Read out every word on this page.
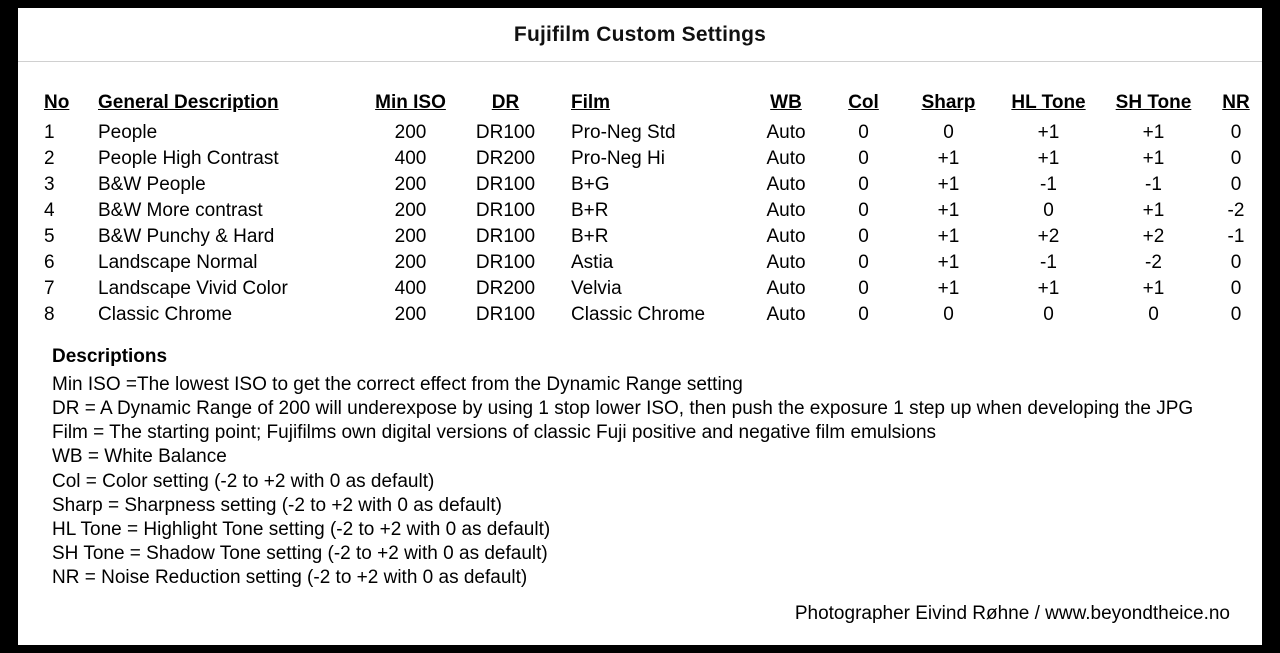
Fujifilm Custom Settings
No	General Description	Min ISO	DR	Film	WB	Col	Sharp	HL Tone	SH Tone	NR
1	People	200	DR100	Pro-Neg Std	Auto	0	0	+1	+1	0
2	People High Contrast	400	DR200	Pro-Neg Hi	Auto	0	+1	+1	+1	0
3	B&W People	200	DR100	B+G	Auto	0	+1	-1	-1	0
4	B&W More contrast	200	DR100	B+R	Auto	0	+1	0	+1	-2
5	B&W Punchy & Hard	200	DR100	B+R	Auto	0	+1	+2	+2	-1
6	Landscape Normal	200	DR100	Astia	Auto	0	+1	-1	-2	0
7	Landscape Vivid Color	400	DR200	Velvia	Auto	0	+1	+1	+1	0
8	Classic Chrome	200	DR100	Classic Chrome	Auto	0	0	0	0	0
Descriptions
Min ISO =The lowest ISO to get the correct effect from the Dynamic Range setting
DR = A Dynamic Range of 200 will underexpose by using 1 stop lower ISO, then push the exposure 1 step up when developing the JPG
Film = The starting point; Fujifilms own digital versions of classic Fuji positive and negative film emulsions
WB = White Balance
Col = Color setting (-2 to +2 with 0 as default)
Sharp = Sharpness setting (-2 to +2 with 0 as default)
HL Tone = Highlight Tone setting (-2 to +2 with 0 as default)
SH Tone = Shadow Tone setting (-2 to +2 with 0 as default)
NR = Noise Reduction setting (-2 to +2 with 0 as default)
Photographer Eivind Røhne / www.beyondtheice.no
